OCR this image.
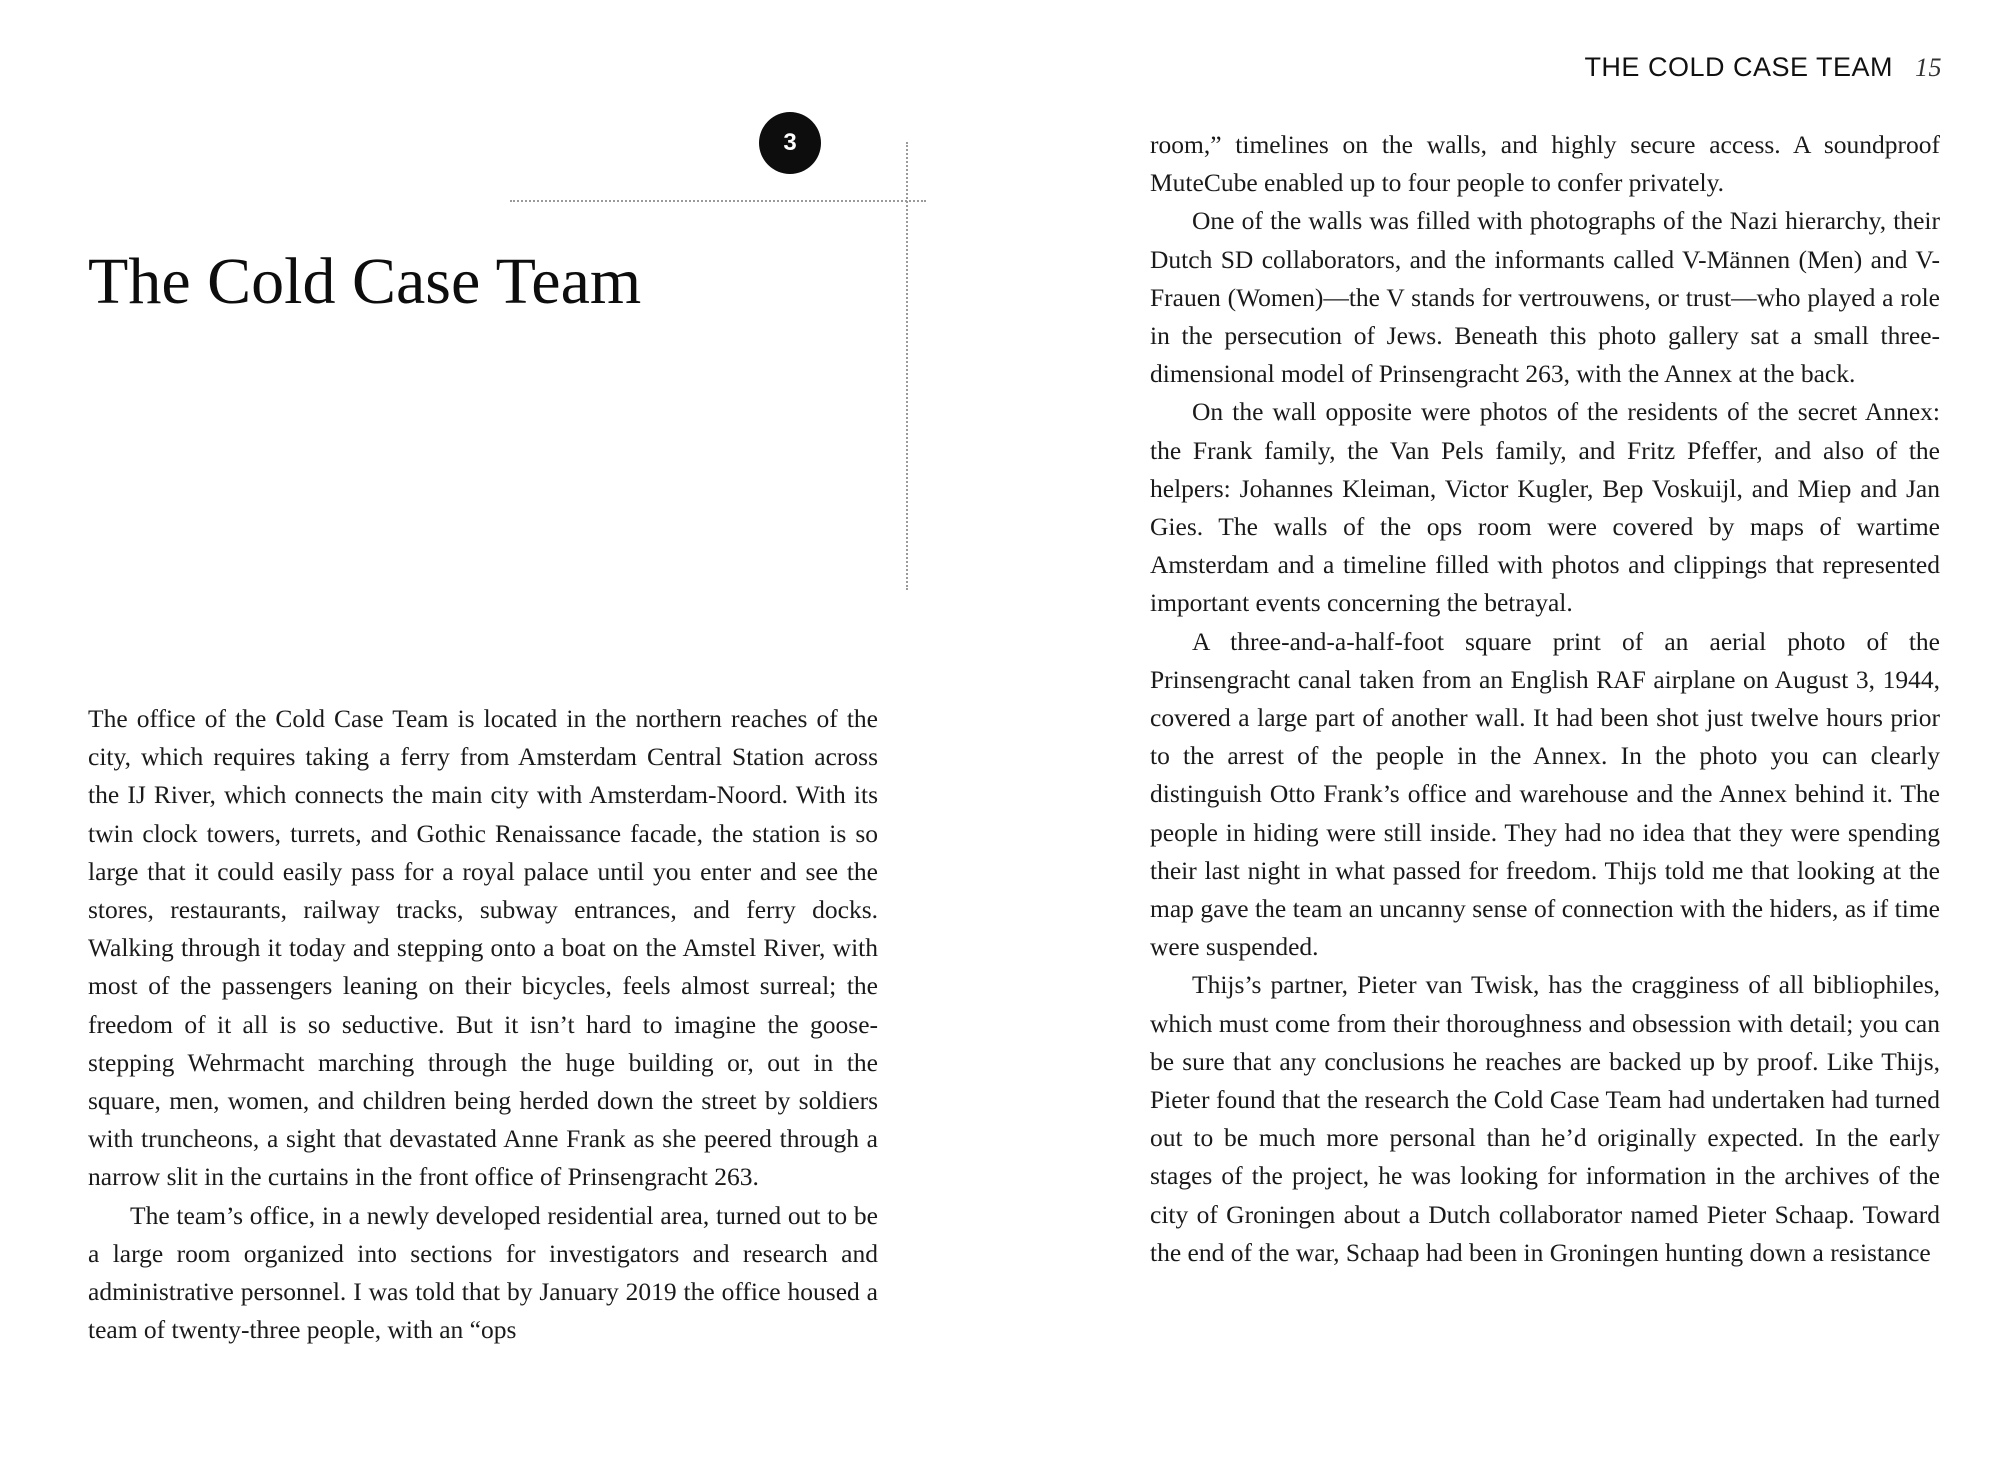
3
The Cold Case Team

The office of the Cold Case Team is located in the northern reaches of the city, which requires taking a ferry from Amsterdam Central Station across the IJ River, which connects the main city with Amsterdam-Noord. With its twin clock towers, turrets, and Gothic Renaissance facade, the station is so large that it could easily pass for a royal palace until you enter and see the stores, restaurants, railway tracks, subway entrances, and ferry docks. Walking through it today and stepping onto a boat on the Amstel River, with most of the passengers leaning on their bicycles, feels almost surreal; the freedom of it all is so seductive. But it isn’t hard to imagine the goose-stepping Wehrmacht marching through the huge building or, out in the square, men, women, and children being herded down the street by soldiers with truncheons, a sight that devastated Anne Frank as she peered through a narrow slit in the curtains in the front office of Prinsengracht 263.

The team’s office, in a newly developed residential area, turned out to be a large room organized into sections for investigators and research and administrative personnel. I was told that by January 2019 the office housed a team of twenty-three people, with an “ops

THE COLD CASE TEAM 15

room,” timelines on the walls, and highly secure access. A soundproof MuteCube enabled up to four people to confer privately.

One of the walls was filled with photographs of the Nazi hierarchy, their Dutch SD collaborators, and the informants called V-Männen (Men) and V-Frauen (Women)—the V stands for vertrouwens, or trust—who played a role in the persecution of Jews. Beneath this photo gallery sat a small three-dimensional model of Prinsengracht 263, with the Annex at the back.

On the wall opposite were photos of the residents of the secret Annex: the Frank family, the Van Pels family, and Fritz Pfeffer, and also of the helpers: Johannes Kleiman, Victor Kugler, Bep Voskuijl, and Miep and Jan Gies. The walls of the ops room were covered by maps of wartime Amsterdam and a timeline filled with photos and clippings that represented important events concerning the betrayal.

A three-and-a-half-foot square print of an aerial photo of the Prinsengracht canal taken from an English RAF airplane on August 3, 1944, covered a large part of another wall. It had been shot just twelve hours prior to the arrest of the people in the Annex. In the photo you can clearly distinguish Otto Frank’s office and warehouse and the Annex behind it. The people in hiding were still inside. They had no idea that they were spending their last night in what passed for freedom. Thijs told me that looking at the map gave the team an uncanny sense of connection with the hiders, as if time were suspended.

Thijs’s partner, Pieter van Twisk, has the cragginess of all bibliophiles, which must come from their thoroughness and obsession with detail; you can be sure that any conclusions he reaches are backed up by proof. Like Thijs, Pieter found that the research the Cold Case Team had undertaken had turned out to be much more personal than he’d originally expected. In the early stages of the project, he was looking for information in the archives of the city of Groningen about a Dutch collaborator named Pieter Schaap. Toward the end of the war, Schaap had been in Groningen hunting down a resistance
